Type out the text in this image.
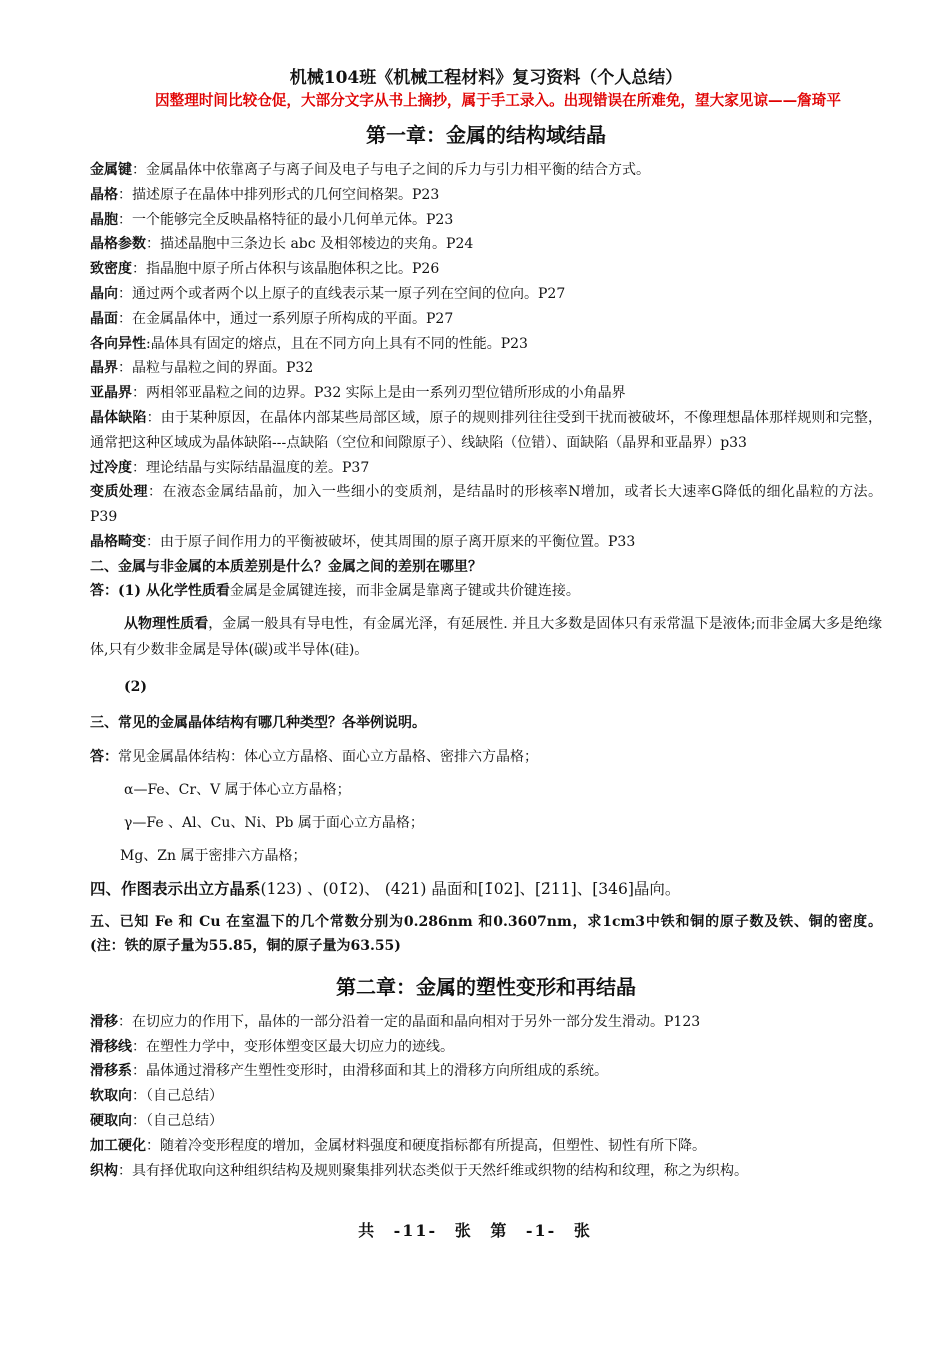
机械104班《机械工程材料》复习资料（个人总结）
因整理时间比较仓促，大部分文字从书上摘抄，属于手工录入。出现错误在所难免，望大家见谅——詹琦平
第一章：金属的结构域结晶
金属键：金属晶体中依靠离子与离子间及电子与电子之间的斥力与引力相平衡的结合方式。
晶格：描述原子在晶体中排列形式的几何空间格架。P23
晶胞：一个能够完全反映晶格特征的最小几何单元体。P23
晶格参数：描述晶胞中三条边长 abc 及相邻棱边的夹角。P24
致密度：指晶胞中原子所占体积与该晶胞体积之比。P26
晶向：通过两个或者两个以上原子的直线表示某一原子列在空间的位向。P27
晶面：在金属晶体中，通过一系列原子所构成的平面。P27
各向异性:晶体具有固定的熔点，且在不同方向上具有不同的性能。P23
晶界：晶粒与晶粒之间的界面。P32
亚晶界：两相邻亚晶粒之间的边界。P32 实际上是由一系列刃型位错所形成的小角晶界
晶体缺陷：由于某种原因，在晶体内部某些局部区域，原子的规则排列往往受到干扰而被破坏，不像理想晶体那样规则和完整，通常把这种区域成为晶体缺陷---点缺陷（空位和间隙原子）、线缺陷（位错）、面缺陷（晶界和亚晶界）p33
过冷度：理论结晶与实际结晶温度的差。P37
变质处理：在液态金属结晶前，加入一些细小的变质剂，是结晶时的形核率N增加，或者长大速率G降低的细化晶粒的方法。P39
晶格畸变：由于原子间作用力的平衡被破坏，使其周围的原子离开原来的平衡位置。P33
二、金属与非金属的本质差别是什么？金属之间的差别在哪里？
答：(1) 从化学性质看金属是金属键连接，而非金属是靠离子键或共价键连接。
从物理性质看，金属一般具有导电性，有金属光泽，有延展性. 并且大多数是固体只有汞常温下是液体;而非金属大多是绝缘体,只有少数非金属是导体(碳)或半导体(硅)。
(2)
三、常见的金属晶体结构有哪几种类型？各举例说明。
答：常见金属晶体结构：体心立方晶格、面心立方晶格、密排六方晶格；
α—Fe、Cr、V 属于体心立方晶格；
γ—Fe 、Al、Cu、Ni、Pb 属于面心立方晶格；
Mg、Zn 属于密排六方晶格；
四、作图表示出立方晶系(123) 、(01̄2)、 (421) 晶面和[1̄02]、[2̄11]、[346]晶向。
五、已知 Fe 和 Cu 在室温下的几个常数分别为0.286nm 和0.3607nm，求1cm3中铁和铜的原子数及铁、铜的密度。(注：铁的原子量为55.85，铜的原子量为63.55)
第二章：金属的塑性变形和再结晶
滑移：在切应力的作用下，晶体的一部分沿着一定的晶面和晶向相对于另外一部分发生滑动。P123
滑移线：在塑性力学中，变形体塑变区最大切应力的迹线。
滑移系：晶体通过滑移产生塑性变形时，由滑移面和其上的滑移方向所组成的系统。
软取向：（自己总结）
硬取向：（自己总结）
加工硬化：随着冷变形程度的增加，金属材料强度和硬度指标都有所提高，但塑性、韧性有所下降。
织构：具有择优取向这种组织结构及规则聚集排列状态类似于天然纤维或织物的结构和纹理，称之为织构。
共 -11- 张 第 -1- 张
